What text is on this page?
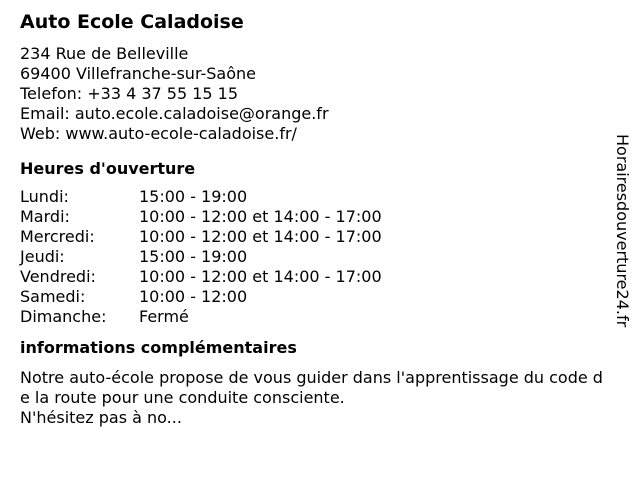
Auto Ecole Caladoise
234 Rue de Belleville
69400 Villefranche-sur-Saône
Telefon: +33 4 37 55 15 15
Email: auto.ecole.caladoise@orange.fr
Web: www.auto-ecole-caladoise.fr/
Heures d'ouverture
Lundi:	15:00 - 19:00
Mardi:	10:00 - 12:00 et 14:00 - 17:00
Mercredi:	10:00 - 12:00 et 14:00 - 17:00
Jeudi:	15:00 - 19:00
Vendredi:	10:00 - 12:00 et 14:00 - 17:00
Samedi:	10:00 - 12:00
Dimanche:	Fermé
informations complémentaires
Notre auto-école propose de vous guider dans l'apprentissage du code de la route pour une conduite consciente.
N'hésitez pas à no...
Horairesdouverture24.fr
